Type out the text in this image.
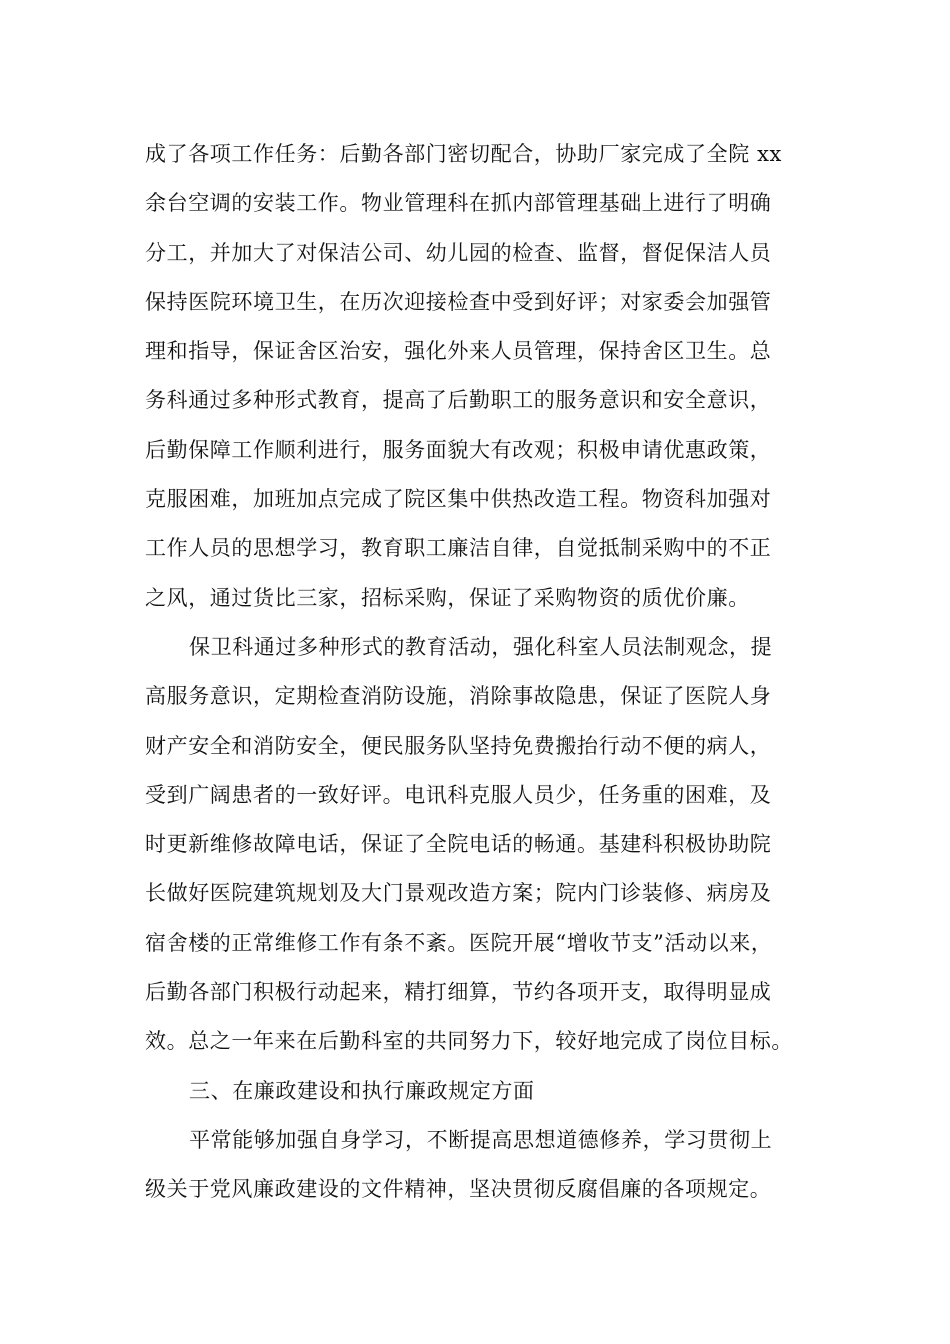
成了各项工作任务：后勤各部门密切配合，协助厂家完成了全院 xx
余台空调的安装工作。物业管理科在抓内部管理基础上进行了明确
分工，并加大了对保洁公司、幼儿园的检查、监督，督促保洁人员
保持医院环境卫生，在历次迎接检查中受到好评；对家委会加强管
理和指导，保证舍区治安，强化外来人员管理，保持舍区卫生。总
务科通过多种形式教育，提高了后勤职工的服务意识和安全意识，
后勤保障工作顺利进行，服务面貌大有改观；积极申请优惠政策，
克服困难，加班加点完成了院区集中供热改造工程。物资科加强对
工作人员的思想学习，教育职工廉洁自律，自觉抵制采购中的不正
之风，通过货比三家，招标采购，保证了采购物资的质优价廉。
保卫科通过多种形式的教育活动，强化科室人员法制观念，提
高服务意识，定期检查消防设施，消除事故隐患，保证了医院人身
财产安全和消防安全，便民服务队坚持免费搬抬行动不便的病人，
受到广阔患者的一致好评。电讯科克服人员少，任务重的困难，及
时更新维修故障电话，保证了全院电话的畅通。基建科积极协助院
长做好医院建筑规划及大门景观改造方案；院内门诊装修、病房及
宿舍楼的正常维修工作有条不紊。医院开展“增收节支”活动以来，
后勤各部门积极行动起来，精打细算，节约各项开支，取得明显成
效。总之一年来在后勤科室的共同努力下，较好地完成了岗位目标。
三、在廉政建设和执行廉政规定方面
平常能够加强自身学习，不断提高思想道德修养，学习贯彻上
级关于党风廉政建设的文件精神，坚决贯彻反腐倡廉的各项规定。
